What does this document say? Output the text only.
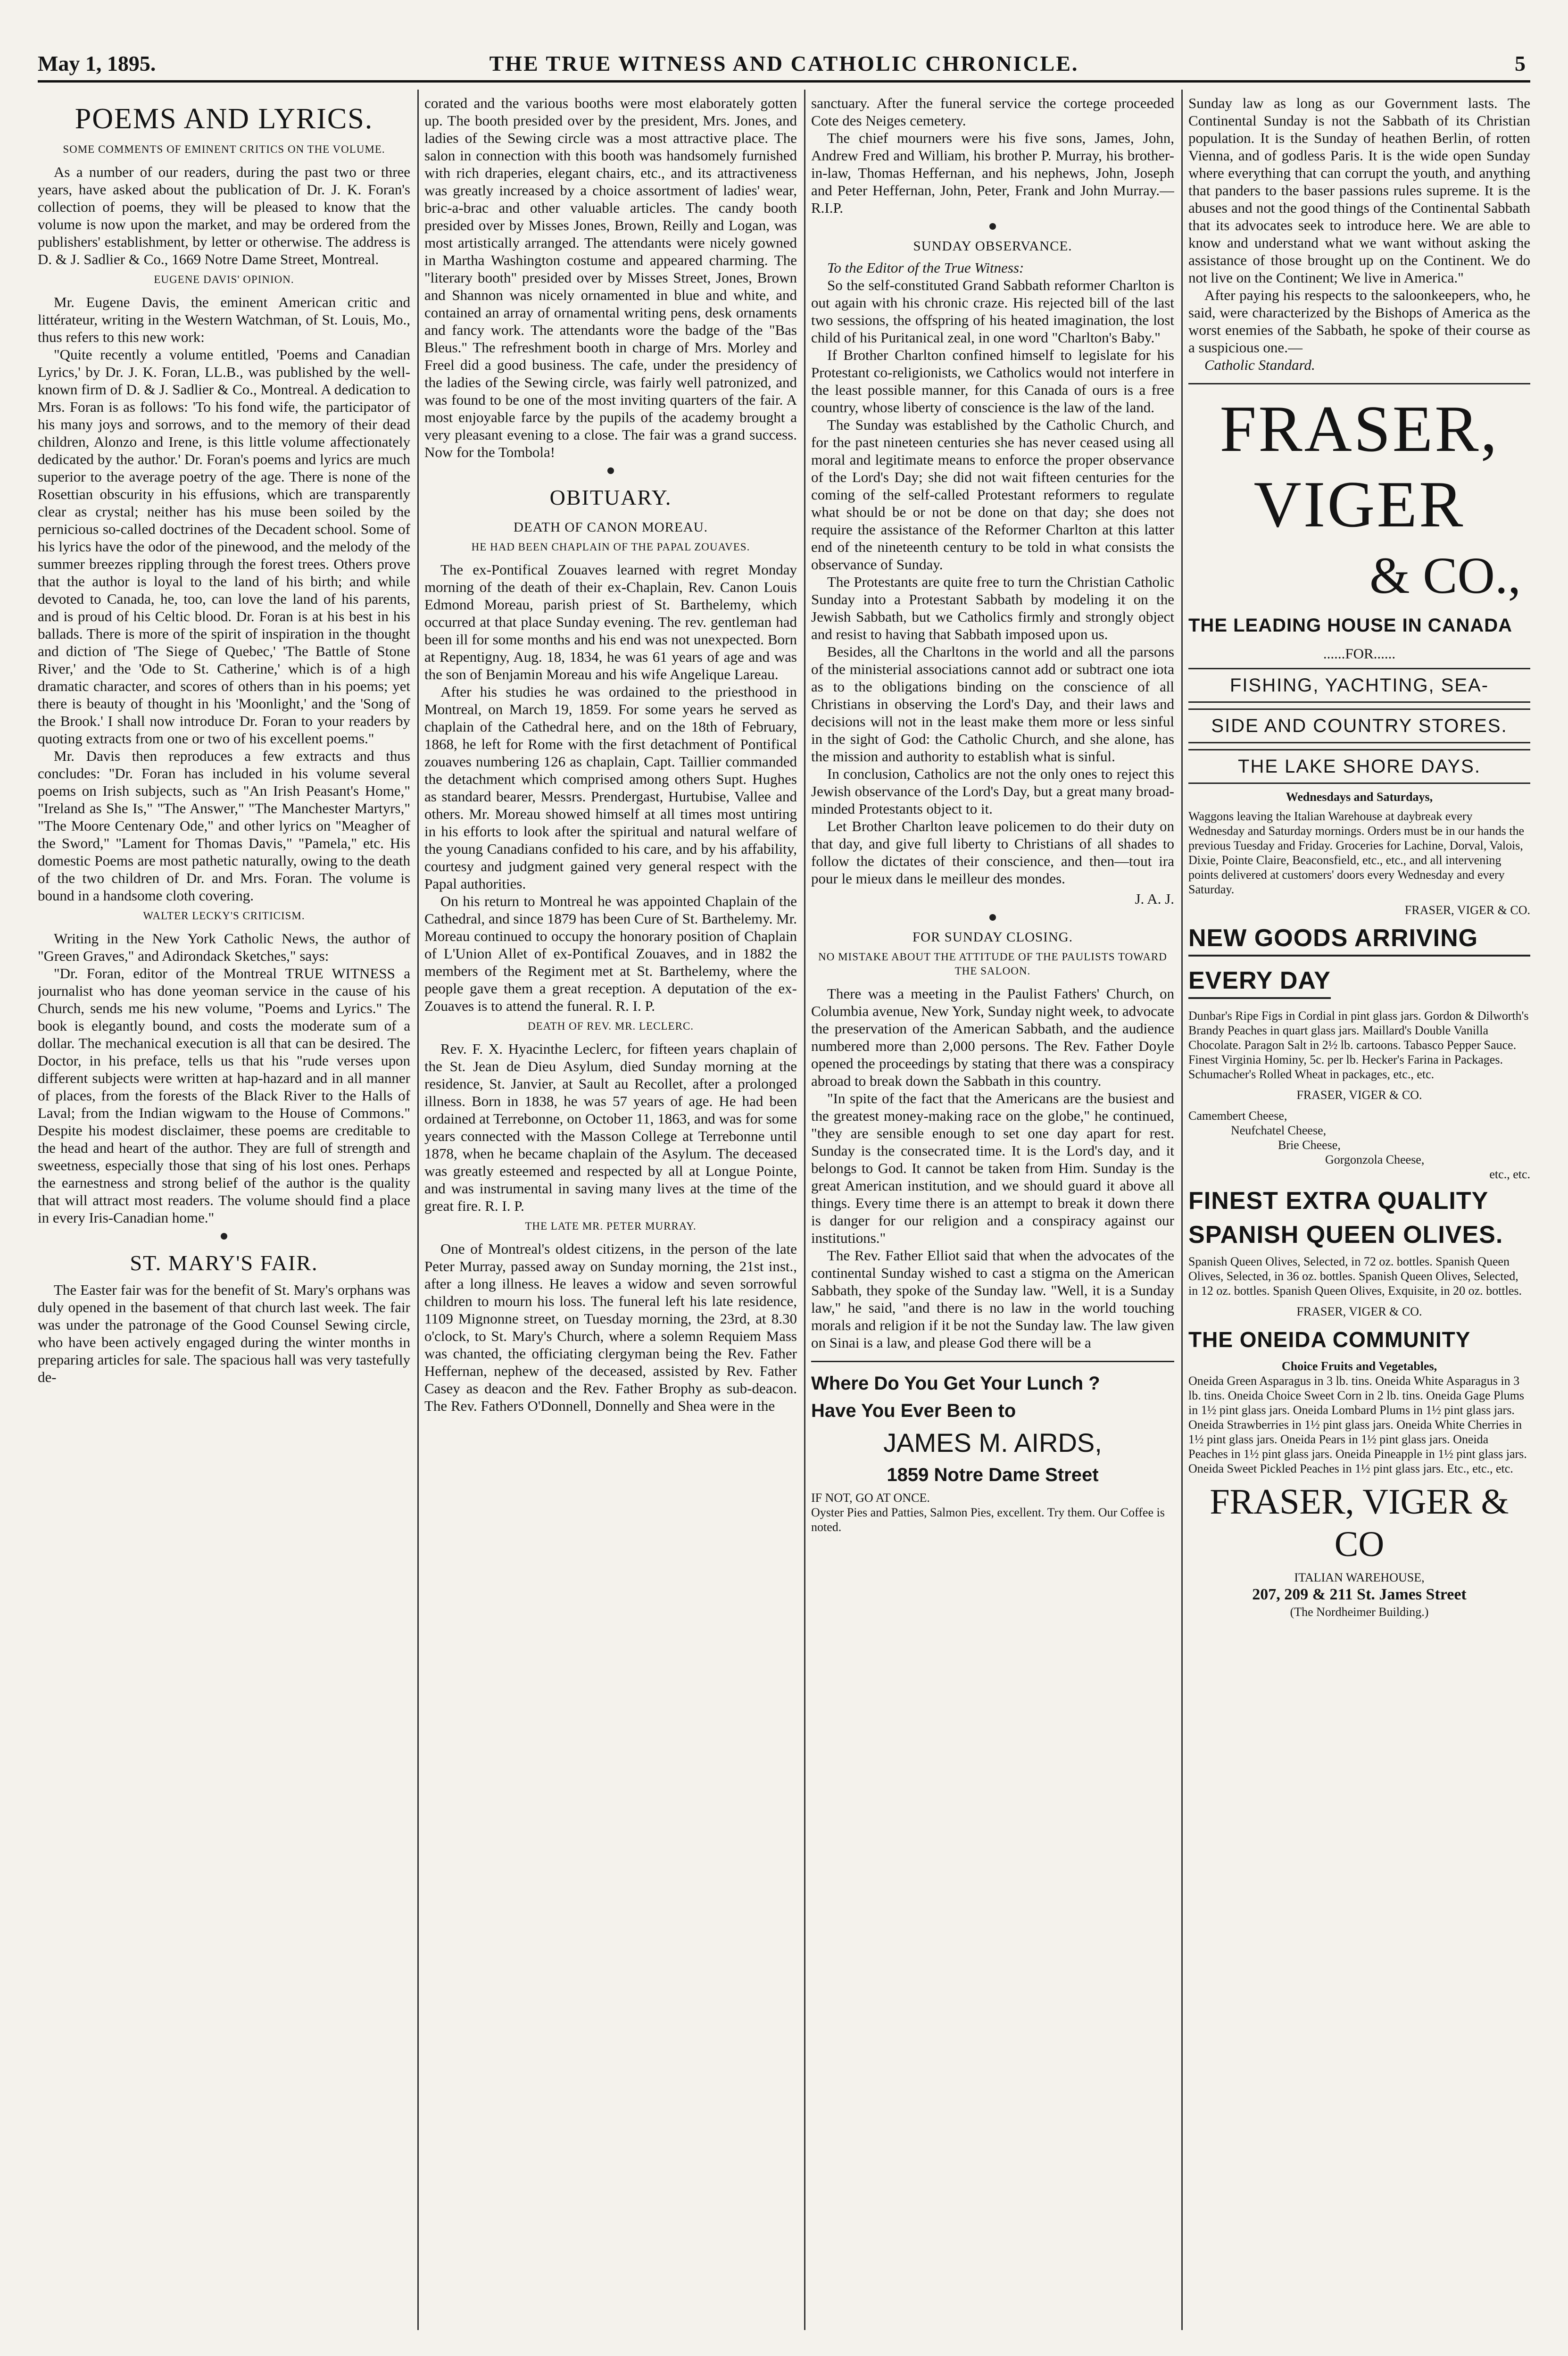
May 1, 1895.	THE TRUE WITNESS AND CATHOLIC CHRONICLE.	5
POEMS AND LYRICS.
SOME COMMENTS OF EMINENT CRITICS ON THE VOLUME.

As a number of our readers, during the past two or three years, have asked about the publication of Dr. J. K. Foran's collection of poems, they will be pleased to know that the volume is now upon the market, and may be ordered from the publishers' establishment, by letter or otherwise. The address is D. & J. Sadlier & Co., 1669 Notre Dame Street, Montreal.

EUGENE DAVIS' OPINION.

Mr. Eugene Davis, the eminent American critic and littérateur, writing in the Western Watchman, of St. Louis, Mo., thus refers to this new work:

"Quite recently a volume entitled, 'Poems and Canadian Lyrics,' by Dr. J. K. Foran, LL.B., was published by the well-known firm of D. & J. Sadlier & Co., Montreal. A dedication to Mrs. Foran is as follows: 'To his fond wife, the participator of his many joys and sorrows, and to the memory of their dead children, Alonzo and Irene, is this little volume affectionately dedicated by the author.' Dr. Foran's poems and lyrics are much superior to the average poetry of the age. There is none of the Rosettian obscurity in his effusions, which are transparently clear as crystal; neither has his muse been soiled by the pernicious so-called doctrines of the Decadent school. Some of his lyrics have the odor of the pinewood, and the melody of the summer breezes rippling through the forest trees. Others prove that the author is loyal to the land of his birth; and while devoted to Canada, he, too, can love the land of his parents, and is proud of his Celtic blood. Dr. Foran is at his best in his ballads. There is more of the spirit of inspiration in the thought and diction of 'The Siege of Quebec,' 'The Battle of Stone River,' and the 'Ode to St. Catherine,' which is of a high dramatic character, and scores of others than in his poems; yet there is beauty of thought in his 'Moonlight,' and the 'Song of the Brook.' I shall now introduce Dr. Foran to your readers by quoting extracts from one or two of his excellent poems."

Mr. Davis then reproduces a few extracts and thus concludes: "Dr. Foran has included in his volume several poems on Irish subjects, such as "An Irish Peasant's Home," "Ireland as She Is," "The Answer," "The Manchester Martyrs," "The Moore Centenary Ode," and other lyrics on "Meagher of the Sword," "Lament for Thomas Davis," "Pamela," etc. His domestic Poems are most pathetic naturally, owing to the death of the two children of Dr. and Mrs. Foran. The volume is bound in a handsome cloth covering.

WALTER LECKY'S CRITICISM.

Writing in the New York Catholic News, the author of "Green Graves," and Adirondack Sketches," says:

"Dr. Foran, editor of the Montreal TRUE WITNESS a journalist who has done yeoman service in the cause of his Church, sends me his new volume, "Poems and Lyrics." The book is elegantly bound, and costs the moderate sum of a dollar. The mechanical execution is all that can be desired. The Doctor, in his preface, tells us that his "rude verses upon different subjects were written at hap-hazard and in all manner of places, from the forests of the Black River to the Halls of Laval; from the Indian wigwam to the House of Commons." Despite his modest disclaimer, these poems are creditable to the head and heart of the author. They are full of strength and sweetness, especially those that sing of his lost ones. Perhaps the earnestness and strong belief of the author is the quality that will attract most readers. The volume should find a place in every Iris-Canadian home."

ST. MARY'S FAIR.

The Easter fair was for the benefit of St. Mary's orphans was duly opened in the basement of that church last week. The fair was under the patronage of the Good Counsel Sewing circle, who have been actively engaged during the winter months in preparing articles for sale. The spacious hall was very tastefully de-

corated and the various booths were most elaborately gotten up. The booth presided over by the president, Mrs. Jones, and ladies of the Sewing circle was a most attractive place. The salon in connection with this booth was handsomely furnished with rich draperies, elegant chairs, etc., and its attractiveness was greatly increased by a choice assortment of ladies' wear, bric-a-brac and other valuable articles. The candy booth presided over by Misses Jones, Brown, Reilly and Logan, was most artistically arranged. The attendants were nicely gowned in Martha Washington costume and appeared charming. The "literary booth" presided over by Misses Street, Jones, Brown and Shannon was nicely ornamented in blue and white, and contained an array of ornamental writing pens, desk ornaments and fancy work. The attendants wore the badge of the "Bas Bleus." The refreshment booth in charge of Mrs. Morley and Freel did a good business. The cafe, under the presidency of the ladies of the Sewing circle, was fairly well patronized, and was found to be one of the most inviting quarters of the fair. A most enjoyable farce by the pupils of the academy brought a very pleasant evening to a close. The fair was a grand success. Now for the Tombola!

OBITUARY.
DEATH OF CANON MOREAU.
HE HAD BEEN CHAPLAIN OF THE PAPAL ZOUAVES.

The ex-Pontifical Zouaves learned with regret Monday morning of the death of their ex-Chaplain, Rev. Canon Louis Edmond Moreau, parish priest of St. Barthelemy, which occurred at that place Sunday evening. The rev. gentleman had been ill for some months and his end was not unexpected. Born at Repentigny, Aug. 18, 1834, he was 61 years of age and was the son of Benjamin Moreau and his wife Angelique Lareau.

After his studies he was ordained to the priesthood in Montreal, on March 19, 1859. For some years he served as chaplain of the Cathedral here, and on the 18th of February, 1868, he left for Rome with the first detachment of Pontifical zouaves numbering 126 as chaplain, Capt. Taillier commanded the detachment which comprised among others Supt. Hughes as standard bearer, Messrs. Prendergast, Hurtubise, Vallee and others. Mr. Moreau showed himself at all times most untiring in his efforts to look after the spiritual and natural welfare of the young Canadians confided to his care, and by his affability, courtesy and judgment gained very general respect with the Papal authorities.

On his return to Montreal he was appointed Chaplain of the Cathedral, and since 1879 has been Cure of St. Barthelemy. Mr. Moreau continued to occupy the honorary position of Chaplain of L'Union Allet of ex-Pontifical Zouaves, and in 1882 the members of the Regiment met at St. Barthelemy, where the people gave them a great reception. A deputation of the ex-Zouaves is to attend the funeral. R. I. P.

DEATH OF REV. MR. LECLERC.

Rev. F. X. Hyacinthe Leclerc, for fifteen years chaplain of the St. Jean de Dieu Asylum, died Sunday morning at the residence, St. Janvier, at Sault au Recollet, after a prolonged illness. Born in 1838, he was 57 years of age. He had been ordained at Terrebonne, on October 11, 1863, and was for some years connected with the Masson College at Terrebonne until 1878, when he became chaplain of the Asylum. The deceased was greatly esteemed and respected by all at Longue Pointe, and was instrumental in saving many lives at the time of the great fire. R. I. P.

THE LATE MR. PETER MURRAY.

One of Montreal's oldest citizens, in the person of the late Peter Murray, passed away on Sunday morning, the 21st inst., after a long illness. He leaves a widow and seven sorrowful children to mourn his loss. The funeral left his late residence, 1109 Mignonne street, on Tuesday morning, the 23rd, at 8.30 o'clock, to St. Mary's Church, where a solemn Requiem Mass was chanted, the officiating clergyman being the Rev. Father Heffernan, nephew of the deceased, assisted by Rev. Father Casey as deacon and the Rev. Father Brophy as sub-deacon. The Rev. Fathers O'Donnell, Donnelly and Shea were in the

sanctuary. After the funeral service the cortege proceeded Cote des Neiges cemetery.

The chief mourners were his five sons, James, John, Andrew Fred and William, his brother P. Murray, his brother-in-law, Thomas Heffernan, and his nephews, John, Joseph and Peter Heffernan, John, Peter, Frank and John Murray.—R.I.P.

SUNDAY OBSERVANCE.

To the Editor of the True Witness:

So the self-constituted Grand Sabbath reformer Charlton is out again with his chronic craze. His rejected bill of the last two sessions, the offspring of his heated imagination, the lost child of his Puritanical zeal, in one word "Charlton's Baby."

If Brother Charlton confined himself to legislate for his Protestant co-religionists, we Catholics would not interfere in the least possible manner, for this Canada of ours is a free country, whose liberty of conscience is the law of the land.

The Sunday was established by the Catholic Church, and for the past nineteen centuries she has never ceased using all moral and legitimate means to enforce the proper observance of the Lord's Day; she did not wait fifteen centuries for the coming of the self-called Protestant reformers to regulate what should be or not be done on that day; she does not require the assistance of the Reformer Charlton at this latter end of the nineteenth century to be told in what consists the observance of Sunday.

The Protestants are quite free to turn the Christian Catholic Sunday into a Protestant Sabbath by modeling it on the Jewish Sabbath, but we Catholics firmly and strongly object and resist to having that Sabbath imposed upon us.

Besides, all the Charltons in the world and all the parsons of the ministerial associations cannot add or subtract one iota as to the obligations binding on the conscience of all Christians in observing the Lord's Day, and their laws and decisions will not in the least make them more or less sinful in the sight of God: the Catholic Church, and she alone, has the mission and authority to establish what is sinful.

In conclusion, Catholics are not the only ones to reject this Jewish observance of the Lord's Day, but a great many broad-minded Protestants object to it.

Let Brother Charlton leave policemen to do their duty on that day, and give full liberty to Christians of all shades to follow the dictates of their conscience, and then—tout ira pour le mieux dans le meilleur des mondes.

J. A. J.
FOR SUNDAY CLOSING.
NO MISTAKE ABOUT THE ATTITUDE OF THE PAULISTS TOWARD THE SALOON.

There was a meeting in the Paulist Fathers' Church, on Columbia avenue, New York, Sunday night week, to advocate the preservation of the American Sabbath, and the audience numbered more than 2,000 persons. The Rev. Father Doyle opened the proceedings by stating that there was a conspiracy abroad to break down the Sabbath in this country.

"In spite of the fact that the Americans are the busiest and the greatest money-making race on the globe," he continued, "they are sensible enough to set one day apart for rest. Sunday is the consecrated time. It is the Lord's day, and it belongs to God. It cannot be taken from Him. Sunday is the great American institution, and we should guard it above all things. Every time there is an attempt to break it down there is danger for our religion and a conspiracy against our institutions."

The Rev. Father Elliot said that when the advocates of the continental Sunday wished to cast a stigma on the American Sabbath, they spoke of the Sunday law. "Well, it is a Sunday law," he said, "and there is no law in the world touching morals and religion if it be not the Sunday law. The law given on Sinai is a law, and please God there will be a

Where Do You Get Your Lunch ?
Have You Ever Been to
JAMES M. AIRDS,
1859 Notre Dame Street

IF NOT, GO AT ONCE.

Oyster Pies and Patties, Salmon Pies, excellent. Try them. Our Coffee is noted.

Sunday law as long as our Government lasts. The Continental Sunday is not the Sabbath of its Christian population. It is the Sunday of heathen Berlin, of rotten Vienna, and of godless Paris. It is the wide open Sunday where everything that can corrupt the youth, and anything that panders to the baser passions rules supreme. It is the abuses and not the good things of the Continental Sabbath that its advocates seek to introduce here. We are able to know and understand what we want without asking the assistance of those brought up on the Continent. We do not live on the Continent; We live in America."

After paying his respects to the saloonkeepers, who, he said, were characterized by the Bishops of America as the worst enemies of the Sabbath, he spoke of their course as a suspicious one.—

Catholic Standard.

FRASER,
VIGER
& CO.,
THE LEADING HOUSE IN CANADA
......FOR......
FISHING, YACHTING, SEA-
SIDE AND COUNTRY STORES.
THE LAKE SHORE DAYS.

Wednesdays and Saturdays,

Waggons leaving the Italian Warehouse at daybreak every Wednesday and Saturday mornings. Orders must be in our hands the previous Tuesday and Friday. Groceries for Lachine, Dorval, Valois, Dixie, Pointe Claire, Beaconsfield, etc., etc., and all intervening points delivered at customers' doors every Wednesday and every Saturday.

FRASER, VIGER & CO.
NEW GOODS ARRIVING
EVERY DAY

Dunbar's Ripe Figs in Cordial in pint glass jars. Gordon & Dilworth's Brandy Peaches in quart glass jars. Maillard's Double Vanilla Chocolate. Paragon Salt in 2½ lb. cartoons. Tabasco Pepper Sauce. Finest Virginia Hominy, 5c. per lb. Hecker's Farina in Packages. Schumacher's Rolled Wheat in packages, etc., etc.

FRASER, VIGER & CO.

Camembert Cheese,

Neufchatel Cheese,

Brie Cheese,

Gorgonzola Cheese,

etc., etc.

FINEST EXTRA QUALITY
SPANISH QUEEN OLIVES.

Spanish Queen Olives, Selected, in 72 oz. bottles. Spanish Queen Olives, Selected, in 36 oz. bottles. Spanish Queen Olives, Selected, in 12 oz. bottles. Spanish Queen Olives, Exquisite, in 20 oz. bottles.

FRASER, VIGER & CO.
THE ONEIDA COMMUNITY

Choice Fruits and Vegetables,

Oneida Green Asparagus in 3 lb. tins. Oneida White Asparagus in 3 lb. tins. Oneida Choice Sweet Corn in 2 lb. tins. Oneida Gage Plums in 1½ pint glass jars. Oneida Lombard Plums in 1½ pint glass jars. Oneida Strawberries in 1½ pint glass jars. Oneida White Cherries in 1½ pint glass jars. Oneida Pears in 1½ pint glass jars. Oneida Peaches in 1½ pint glass jars. Oneida Pineapple in 1½ pint glass jars. Oneida Sweet Pickled Peaches in 1½ pint glass jars. Etc., etc., etc.

FRASER, VIGER & CO

ITALIAN WAREHOUSE,

207, 209 & 211 St. James Street

(The Nordheimer Building.)
